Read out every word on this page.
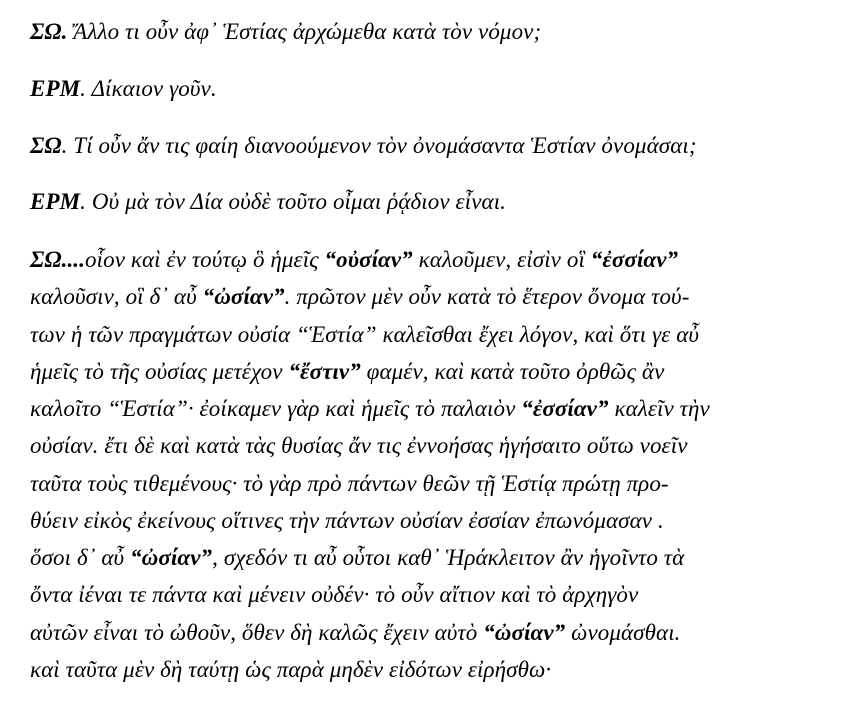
ΣΩ. Ἄλλο τι οὖν ἀφ᾽ Ἑστίας ἀρχώμεθα κατὰ τὸν νόμον;

ΕΡΜ. Δίκαιον γοῦν.

ΣΩ. Τί οὖν ἄν τις φαίη διανοούμενον τὸν ὀνομάσαντα Ἑστίαν ὀνομάσαι;

ΕΡΜ. Οὐ μὰ τὸν Δία οὐδὲ τοῦτο οἶμαι ῥᾴδιον εἶναι.

ΣΩ....οἷον καὶ ἐν τούτῳ ὃ ἡμεῖς “οὐσίαν” καλοῦμεν, εἰσὶν οἳ “ἐσσίαν”
καλοῦσιν, οἳ δ᾽ αὖ “ὠσίαν”. πρῶτον μὲν οὖν κατὰ τὸ ἕτερον ὄνομα τού-
των ἡ τῶν πραγμάτων οὐσία “Ἑστία” καλεῖσθαι ἔχει λόγον, καὶ ὅτι γε αὖ
ἡμεῖς τὸ τῆς οὐσίας μετέχον “ἔστιν” φαμέν, καὶ κατὰ τοῦτο ὀρθῶς ἂν
καλοῖτο “Ἑστία”· ἐοίκαμεν γὰρ καὶ ἡμεῖς τὸ παλαιὸν “ἐσσίαν” καλεῖν τὴν
οὐσίαν. ἔτι δὲ καὶ κατὰ τὰς θυσίας ἄν τις ἐννοήσας ἡγήσαιτο οὕτω νοεῖν
ταῦτα τοὺς τιθεμένους· τὸ γὰρ πρὸ πάντων θεῶν τῇ Ἑστίᾳ πρώτῃ προ-
θύειν εἰκὸς ἐκείνους οἵτινες τὴν πάντων οὐσίαν ἐσσίαν ἐπωνόμασαν .
ὅσοι δ᾽ αὖ “ὠσίαν”, σχεδόν τι αὖ οὗτοι καθ᾽ Ἡράκλειτον ἂν ἡγοῖντο τὰ
ὄντα ἰέναι τε πάντα καὶ μένειν οὐδέν· τὸ οὖν αἴτιον καὶ τὸ ἀρχηγὸν
αὐτῶν εἶναι τὸ ὠθοῦν, ὅθεν δὴ καλῶς ἔχειν αὐτὸ “ὠσίαν” ὠνομάσθαι.
καὶ ταῦτα μὲν δὴ ταύτῃ ὡς παρὰ μηδὲν εἰδότων εἰρήσθω·
